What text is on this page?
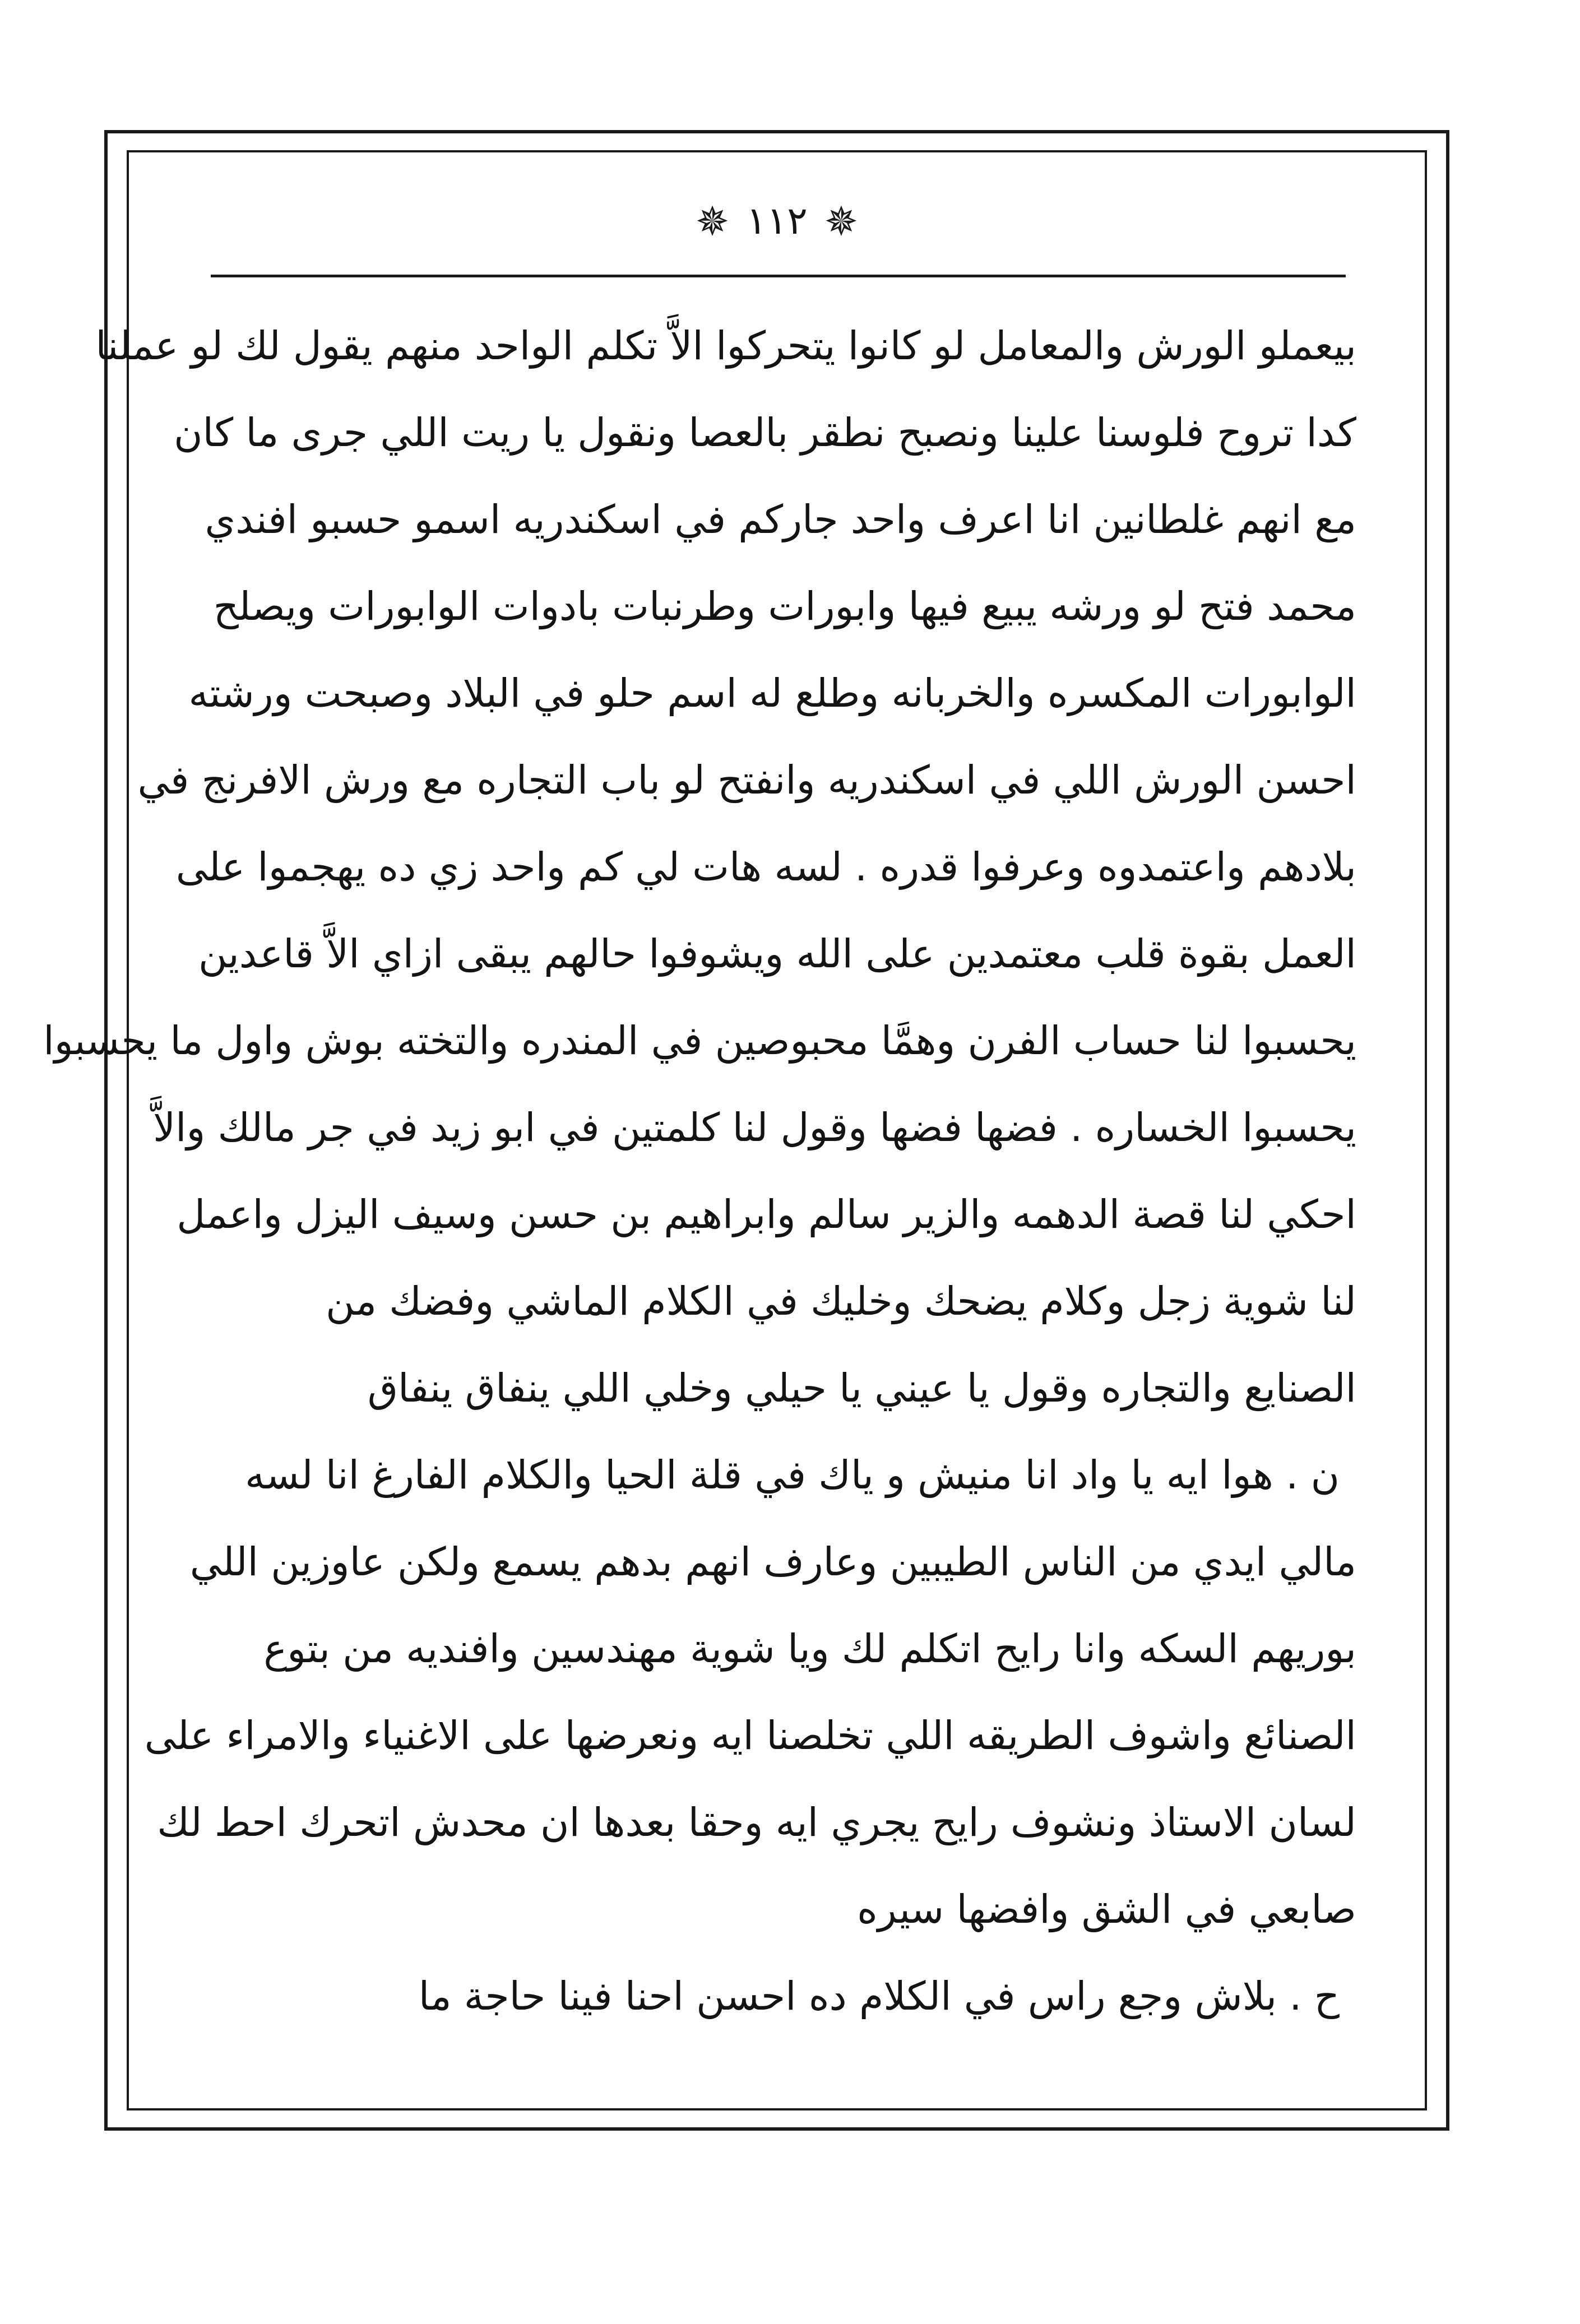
✵
١١٢
✵
بيعملو الورش والمعامل لو كانوا يتحركوا الاَّ تكلم الواحد منهم يقول لك لو عملنا
كدا تروح فلوسنا علينا ونصبح نطقر بالعصا ونقول يا ريت اللي جرى ما كان
مع انهم غلطانين انا اعرف واحد جاركم في اسكندريه اسمو حسبو افندي
محمد فتح لو ورشه يبيع فيها وابورات وطرنبات بادوات الوابورات ويصلح
الوابورات المكسره والخربانه وطلع له اسم حلو في البلاد وصبحت ورشته
احسن الورش اللي في اسكندريه وانفتح لو باب التجاره مع ورش الافرنج في
بلادهم واعتمدوه وعرفوا قدره . لسه هات لي كم واحد زي ده يهجموا على
العمل بقوة قلب معتمدين على الله ويشوفوا حالهم يبقى ازاي الاَّ قاعدين
يحسبوا لنا حساب الفرن وهمَّا محبوصين في المندره والتخته بوش واول ما يحسبوا
يحسبوا الخساره . فضها فضها وقول لنا كلمتين في ابو زيد في جر مالك والاَّ
احكي لنا قصة الدهمه والزير سالم وابراهيم بن حسن وسيف اليزل واعمل
لنا شوية زجل وكلام يضحك وخليك في الكلام الماشي وفضك من
الصنايع والتجاره وقول يا عيني يا حيلي وخلي اللي ينفاق ينفاق
ن . هوا ايه يا واد انا منيش و ياك في قلة الحيا والكلام الفارغ انا لسه
مالي ايدي من الناس الطيبين وعارف انهم بدهم يسمع ولكن عاوزين اللي
بوريهم السكه وانا رايح اتكلم لك ويا شوية مهندسين وافنديه من بتوع
الصنائع واشوف الطريقه اللي تخلصنا ايه ونعرضها على الاغنياء والامراء على
لسان الاستاذ ونشوف رايح يجري ايه وحقا بعدها ان محدش اتحرك احط لك
صابعي في الشق وافضها سيره
ح . بلاش وجع راس في الكلام ده احسن احنا فينا حاجة ما
